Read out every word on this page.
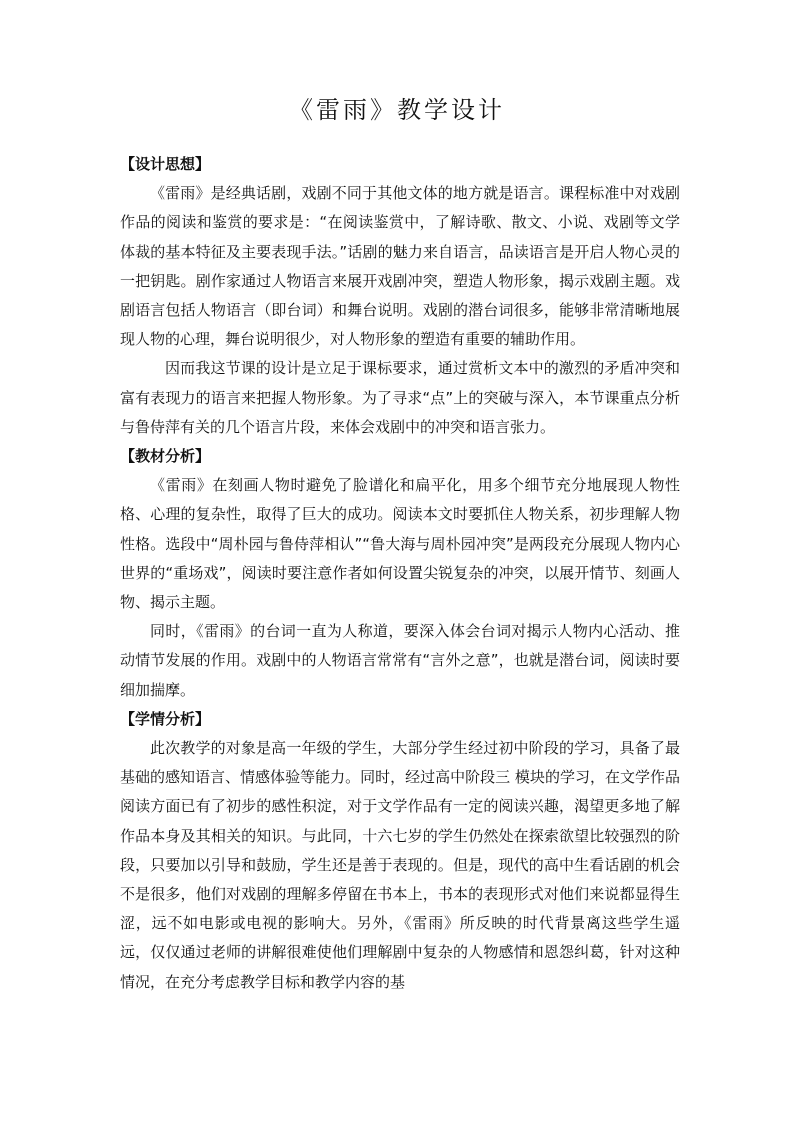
《雷雨》教学设计

【设计思想】

《雷雨》是经典话剧，戏剧不同于其他文体的地方就是语言。课程标准中对戏剧作品的阅读和鉴赏的要求是：“在阅读鉴赏中，了解诗歌、散文、小说、戏剧等文学体裁的基本特征及主要表现手法。”话剧的魅力来自语言，品读语言是开启人物心灵的一把钥匙。剧作家通过人物语言来展开戏剧冲突，塑造人物形象，揭示戏剧主题。戏剧语言包括人物语言（即台词）和舞台说明。戏剧的潜台词很多，能够非常清晰地展现人物的心理，舞台说明很少，对人物形象的塑造有重要的辅助作用。

因而我这节课的设计是立足于课标要求，通过赏析文本中的激烈的矛盾冲突和富有表现力的语言来把握人物形象。为了寻求“点”上的突破与深入，本节课重点分析与鲁侍萍有关的几个语言片段，来体会戏剧中的冲突和语言张力。

【教材分析】

《雷雨》在刻画人物时避免了脸谱化和扁平化，用多个细节充分地展现人物性格、心理的复杂性，取得了巨大的成功。阅读本文时要抓住人物关系，初步理解人物性格。选段中“周朴园与鲁侍萍相认”“鲁大海与周朴园冲突”是两段充分展现人物内心世界的“重场戏”，阅读时要注意作者如何设置尖锐复杂的冲突，以展开情节、刻画人物、揭示主题。

同时，《雷雨》的台词一直为人称道，要深入体会台词对揭示人物内心活动、推动情节发展的作用。戏剧中的人物语言常常有“言外之意”，也就是潜台词，阅读时要细加揣摩。

【学情分析】

此次教学的对象是高一年级的学生，大部分学生经过初中阶段的学习，具备了最基础的感知语言、情感体验等能力。同时，经过高中阶段三 模块的学习，在文学作品阅读方面已有了初步的感性积淀，对于文学作品有一定的阅读兴趣，渴望更多地了解作品本身及其相关的知识。与此同，十六七岁的学生仍然处在探索欲望比较强烈的阶段，只要加以引导和鼓励，学生还是善于表现的。但是，现代的高中生看话剧的机会不是很多，他们对戏剧的理解多停留在书本上，书本的表现形式对他们来说都显得生涩，远不如电影或电视的影响大。另外，《雷雨》所反映的时代背景离这些学生遥远，仅仅通过老师的讲解很难使他们理解剧中复杂的人物感情和恩怨纠葛，针对这种情况，在充分考虑教学目标和教学内容的基
